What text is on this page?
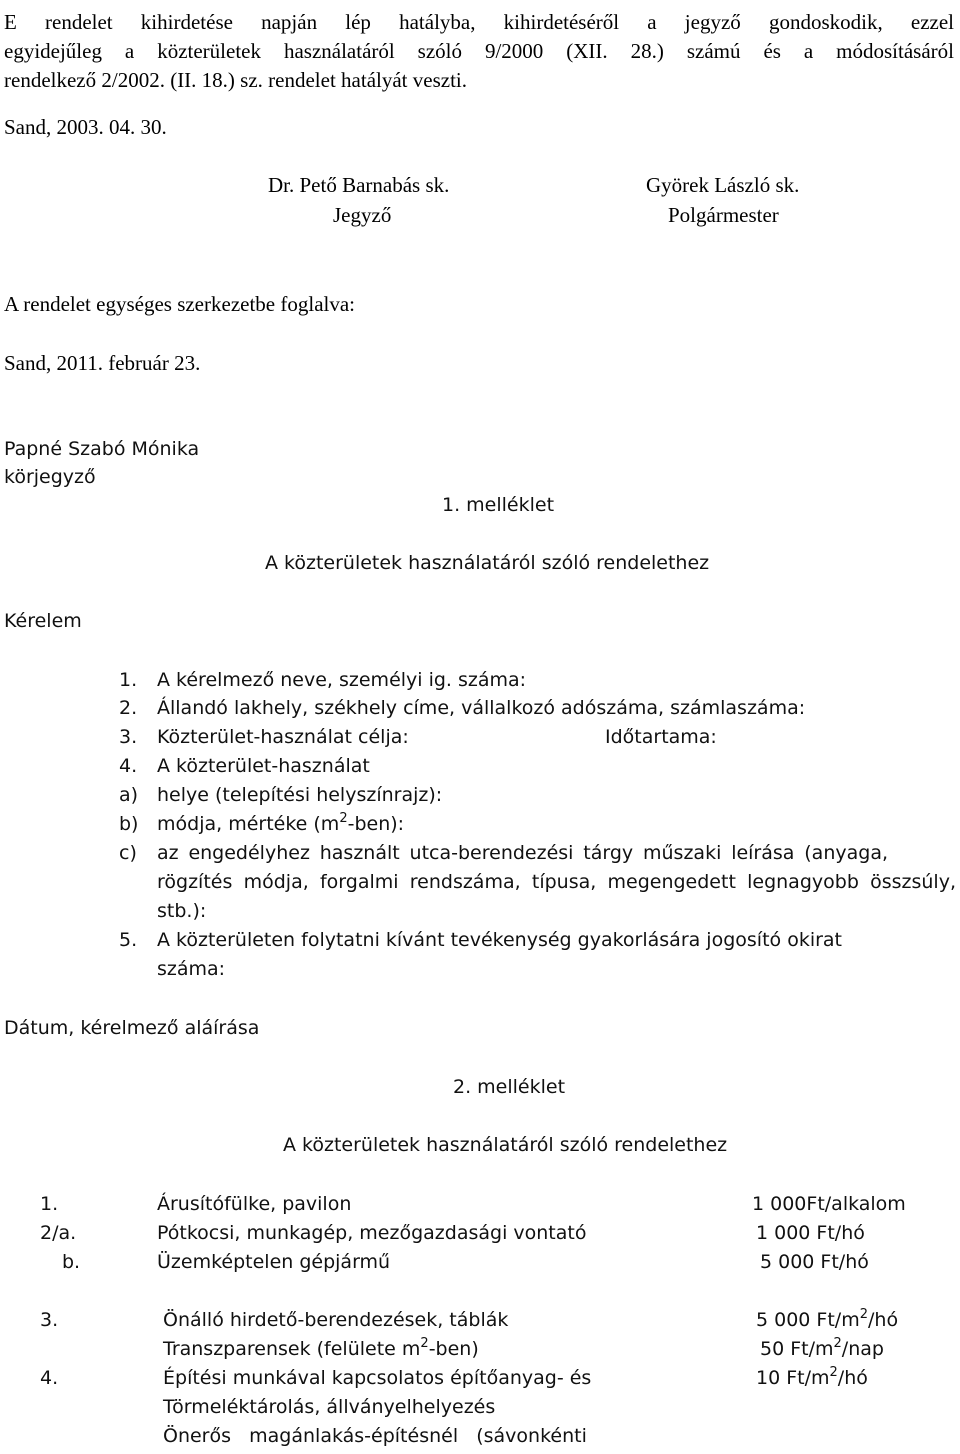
E rendelet kihirdetése napján lép hatályba, kihirdetéséről a jegyző gondoskodik, ezzel
egyidejűleg a közterületek használatáról szóló 9/2000 (XII. 28.) számú és a módosításáról
rendelkező 2/2002. (II. 18.) sz. rendelet hatályát veszti.
Sand, 2003. 04. 30.
Dr. Pető Barnabás sk.
Jegyző
Györek László sk.
Polgármester
A rendelet egységes szerkezetbe foglalva:
Sand, 2011. február 23.
Papné Szabó Mónika
körjegyző
1. melléklet
A közterületek használatáról szóló rendelethez
Kérelem
1. A kérelmező neve, személyi ig. száma:
2. Állandó lakhely, székhely címe, vállalkozó adószáma, számlaszáma:
3. Közterület-használat célja:	Időtartama:
4. A közterület-használat
a) helye (telepítési helyszínrajz):
b) módja, mértéke $(m^2-ben)$:
c) az engedélyhez használt utca-berendezési tárgy műszaki leírása (anyaga,
rögzítés módja, forgalmi rendszáma, típusa, megengedett legnagyobb összsúly,
stb.):
5. A közterületen folytatni kívánt tevékenység gyakorlására jogosító okirat
száma:
Dátum, kérelmező aláírása
2. melléklet
A közterületek használatáról szóló rendelethez
1.	Árusítófülke, pavilon	1 000Ft/alkalom
2/a.	Pótkocsi, munkagép, mezőgazdasági vontató	1 000 Ft/hó
b.	Üzemképtelen gépjármű	5 000 Ft/hó
3.	Önálló hirdető-berendezések, táblák	5 000 $Ft/m^2/hó$
Transzparensek (felülete $m^2-ben$)	50 $Ft/m^2$/nap
4.	Építési munkával kapcsolatos építőanyag- és	10 $Ft/m^2/hó$
Törmeléktárolás, állványelhelyezés
Önerős   magánlakás-építésnél   (sávonkénti
